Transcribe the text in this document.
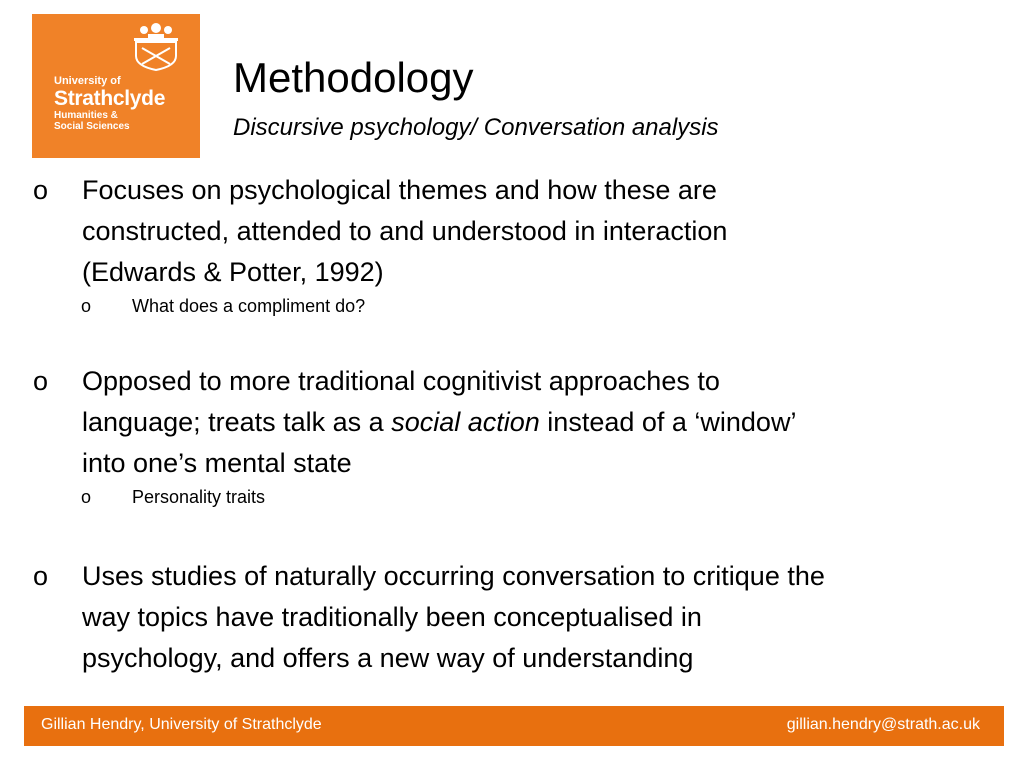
University of
Strathclyde
Humanities &
Social Sciences
Methodology
Discursive psychology/ Conversation analysis
o Focuses on psychological themes and how these are
constructed, attended to and understood in interaction
(Edwards & Potter, 1992)
o What does a compliment do?
o Opposed to more traditional cognitivist approaches to
language; treats talk as a social action instead of a ‘window’
into one’s mental state
o Personality traits
o Uses studies of naturally occurring conversation to critique the
way topics have traditionally been conceptualised in
psychology, and offers a new way of understanding
Gillian Hendry, University of Strathclyde	gillian.hendry@strath.ac.uk
